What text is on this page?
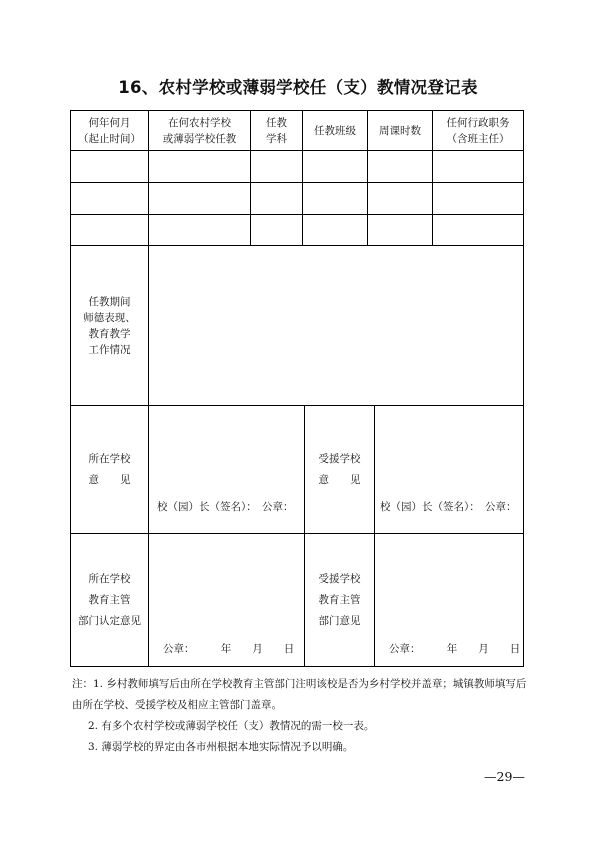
16、农村学校或薄弱学校任（支）教情况登记表
何年何月
（起止时间）
在何农村学校
或薄弱学校任教
任教
学科
任教班级 周课时数
任何行政职务
（含班主任）
任教期间
师德表现、
教育教学
工作情况
所在学校
意　　见
校（园）长（签名）：　公章：
受援学校
意　　见
校（园）长（签名）：　公章：
所在学校
教育主管
部门认定意见
公章：　　　年　　月　　日
受援学校
教育主管
部门意见
公章：　　　年　　月　　日
注：1. 乡村教师填写后由所在学校教育主管部门注明该校是否为乡村学校并盖章；城镇教师填写后由所在学校、受援学校及相应主管部门盖章。
2. 有多个农村学校或薄弱学校任（支）教情况的需一校一表。
3. 薄弱学校的界定由各市州根据本地实际情况予以明确。
—29—
